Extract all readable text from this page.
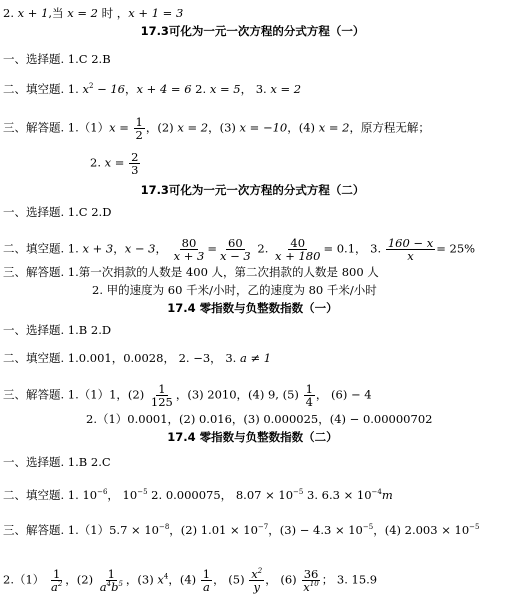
2. x + 1,当 x = 2 时 ，x + 1 = 3
17.3可化为一元一次方程的分式方程（一）
一、选择题. 1.C 2.B
二、填空题. 1. $x^2 - 16$，x + 4 = 6 2. x = 5， 3. x = 2
三、解答题. $1.(1)x = \frac{1}{2}$ ，(2) x = 2，(3) x = −10，(4) x = 2，原方程无解；
2. $x = \frac{2}{3}$
17.3可化为一元一次方程的分式方程（二）
一、选择题. 1.C 2.D
二、填空题. 1. x + 3，x − 3， $\frac{80}{x + 3} = \frac{60}{x - 3} 2$. $\frac{40}{x + 180} = 0.1$， 3. $\frac{160 - x}{x} = 25\%$
三、解答题. 1.第一次捐款的人数是 400 人，第二次捐款的人数是 800 人
2. 甲的速度为 60 千米/小时，乙的速度为 80 千米/小时
17.4 零指数与负整数指数（一）
一、选择题. 1.B 2.D
二、填空题. 1.0.001，0.0028， 2. −3， 3. a ≠ 1
三、解答题. 1.（1）1，$(2) \frac{1}{125}$ ，(3) 2010，(4) 9, $(5) \frac{1}{4}$ ， (6) − 4
2.（1）0.0001，(2) 0.016，(3) 0.000025，(4) − 0.00000702
17.4 零指数与负整数指数（二）
一、选择题. 1.B 2.C
二、填空题. 1. $10^{-6}$， $10^{-5}$ 2. 0.000075， $8.07 \times 10^{-5}$ 3. $6.3 \times 10^{-4}m$
三、解答题. $1.(1)5.7 \times 10^{-8}$，(2) $1.01 \times 10^{-7}$，$(3) - 4.3 \times 10^{-5}$，(4) $2.003 \times 10^{-5}$
$2.(1) \frac{1}{a^2}$ ，$(2) \frac{1}{a^4b^5}$ ，(3) $x^4$，$(4) \frac{1}{a}$ ， $(5) \frac{x^2}{y}$ ， $(6) \frac{36}{x^{10}}$ ； 3. 15.9
